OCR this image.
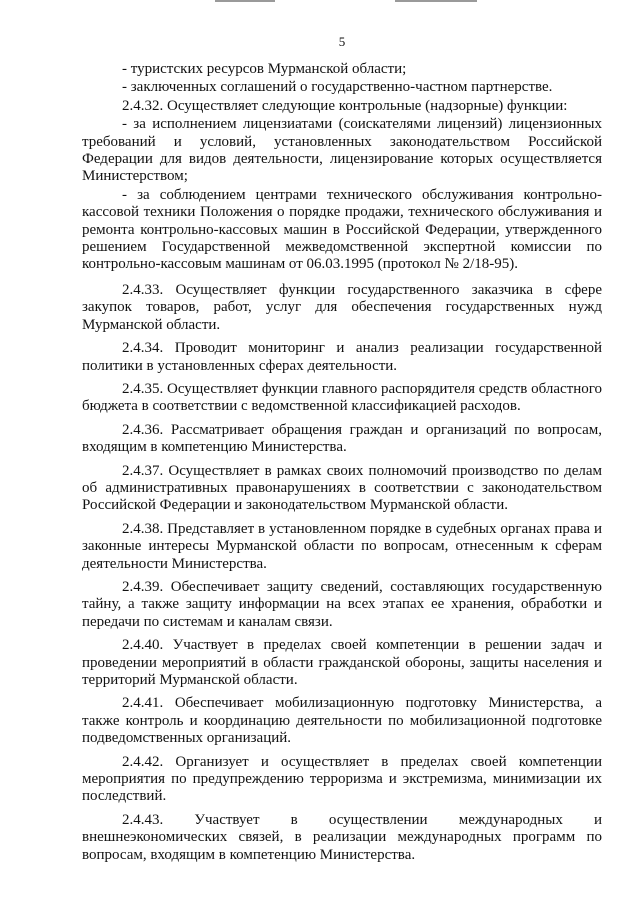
5

- туристских ресурсов Мурманской области;

- заключенных соглашений о государственно-частном партнерстве.

2.4.32. Осуществляет следующие контрольные (надзорные) функции:

- за исполнением лицензиатами (соискателями лицензий) лицензионных требований и условий, установленных законодательством Российской Федерации для видов деятельности, лицензирование которых осуществляется Министерством;

- за соблюдением центрами технического обслуживания контрольно-кассовой техники Положения о порядке продажи, технического обслуживания и ремонта контрольно-кассовых машин в Российской Федерации, утвержденного решением Государственной межведомственной экспертной комиссии по контрольно-кассовым машинам от 06.03.1995 (протокол № 2/18-95).

2.4.33. Осуществляет функции государственного заказчика в сфере закупок товаров, работ, услуг для обеспечения государственных нужд Мурманской области.

2.4.34. Проводит мониторинг и анализ реализации государственной политики в установленных сферах деятельности.

2.4.35. Осуществляет функции главного распорядителя средств областного бюджета в соответствии с ведомственной классификацией расходов.

2.4.36. Рассматривает обращения граждан и организаций по вопросам, входящим в компетенцию Министерства.

2.4.37. Осуществляет в рамках своих полномочий производство по делам об административных правонарушениях в соответствии с законодательством Российской Федерации и законодательством Мурманской области.

2.4.38. Представляет в установленном порядке в судебных органах права и законные интересы Мурманской области по вопросам, отнесенным к сферам деятельности Министерства.

2.4.39. Обеспечивает защиту сведений, составляющих государственную тайну, а также защиту информации на всех этапах ее хранения, обработки и передачи по системам и каналам связи.

2.4.40. Участвует в пределах своей компетенции в решении задач и проведении мероприятий в области гражданской обороны, защиты населения и территорий Мурманской области.

2.4.41. Обеспечивает мобилизационную подготовку Министерства, а также контроль и координацию деятельности по мобилизационной подготовке подведомственных организаций.

2.4.42. Организует и осуществляет в пределах своей компетенции мероприятия по предупреждению терроризма и экстремизма, минимизации их последствий.

2.4.43. Участвует в осуществлении международных и внешнеэкономических связей, в реализации международных программ по вопросам, входящим в компетенцию Министерства.
